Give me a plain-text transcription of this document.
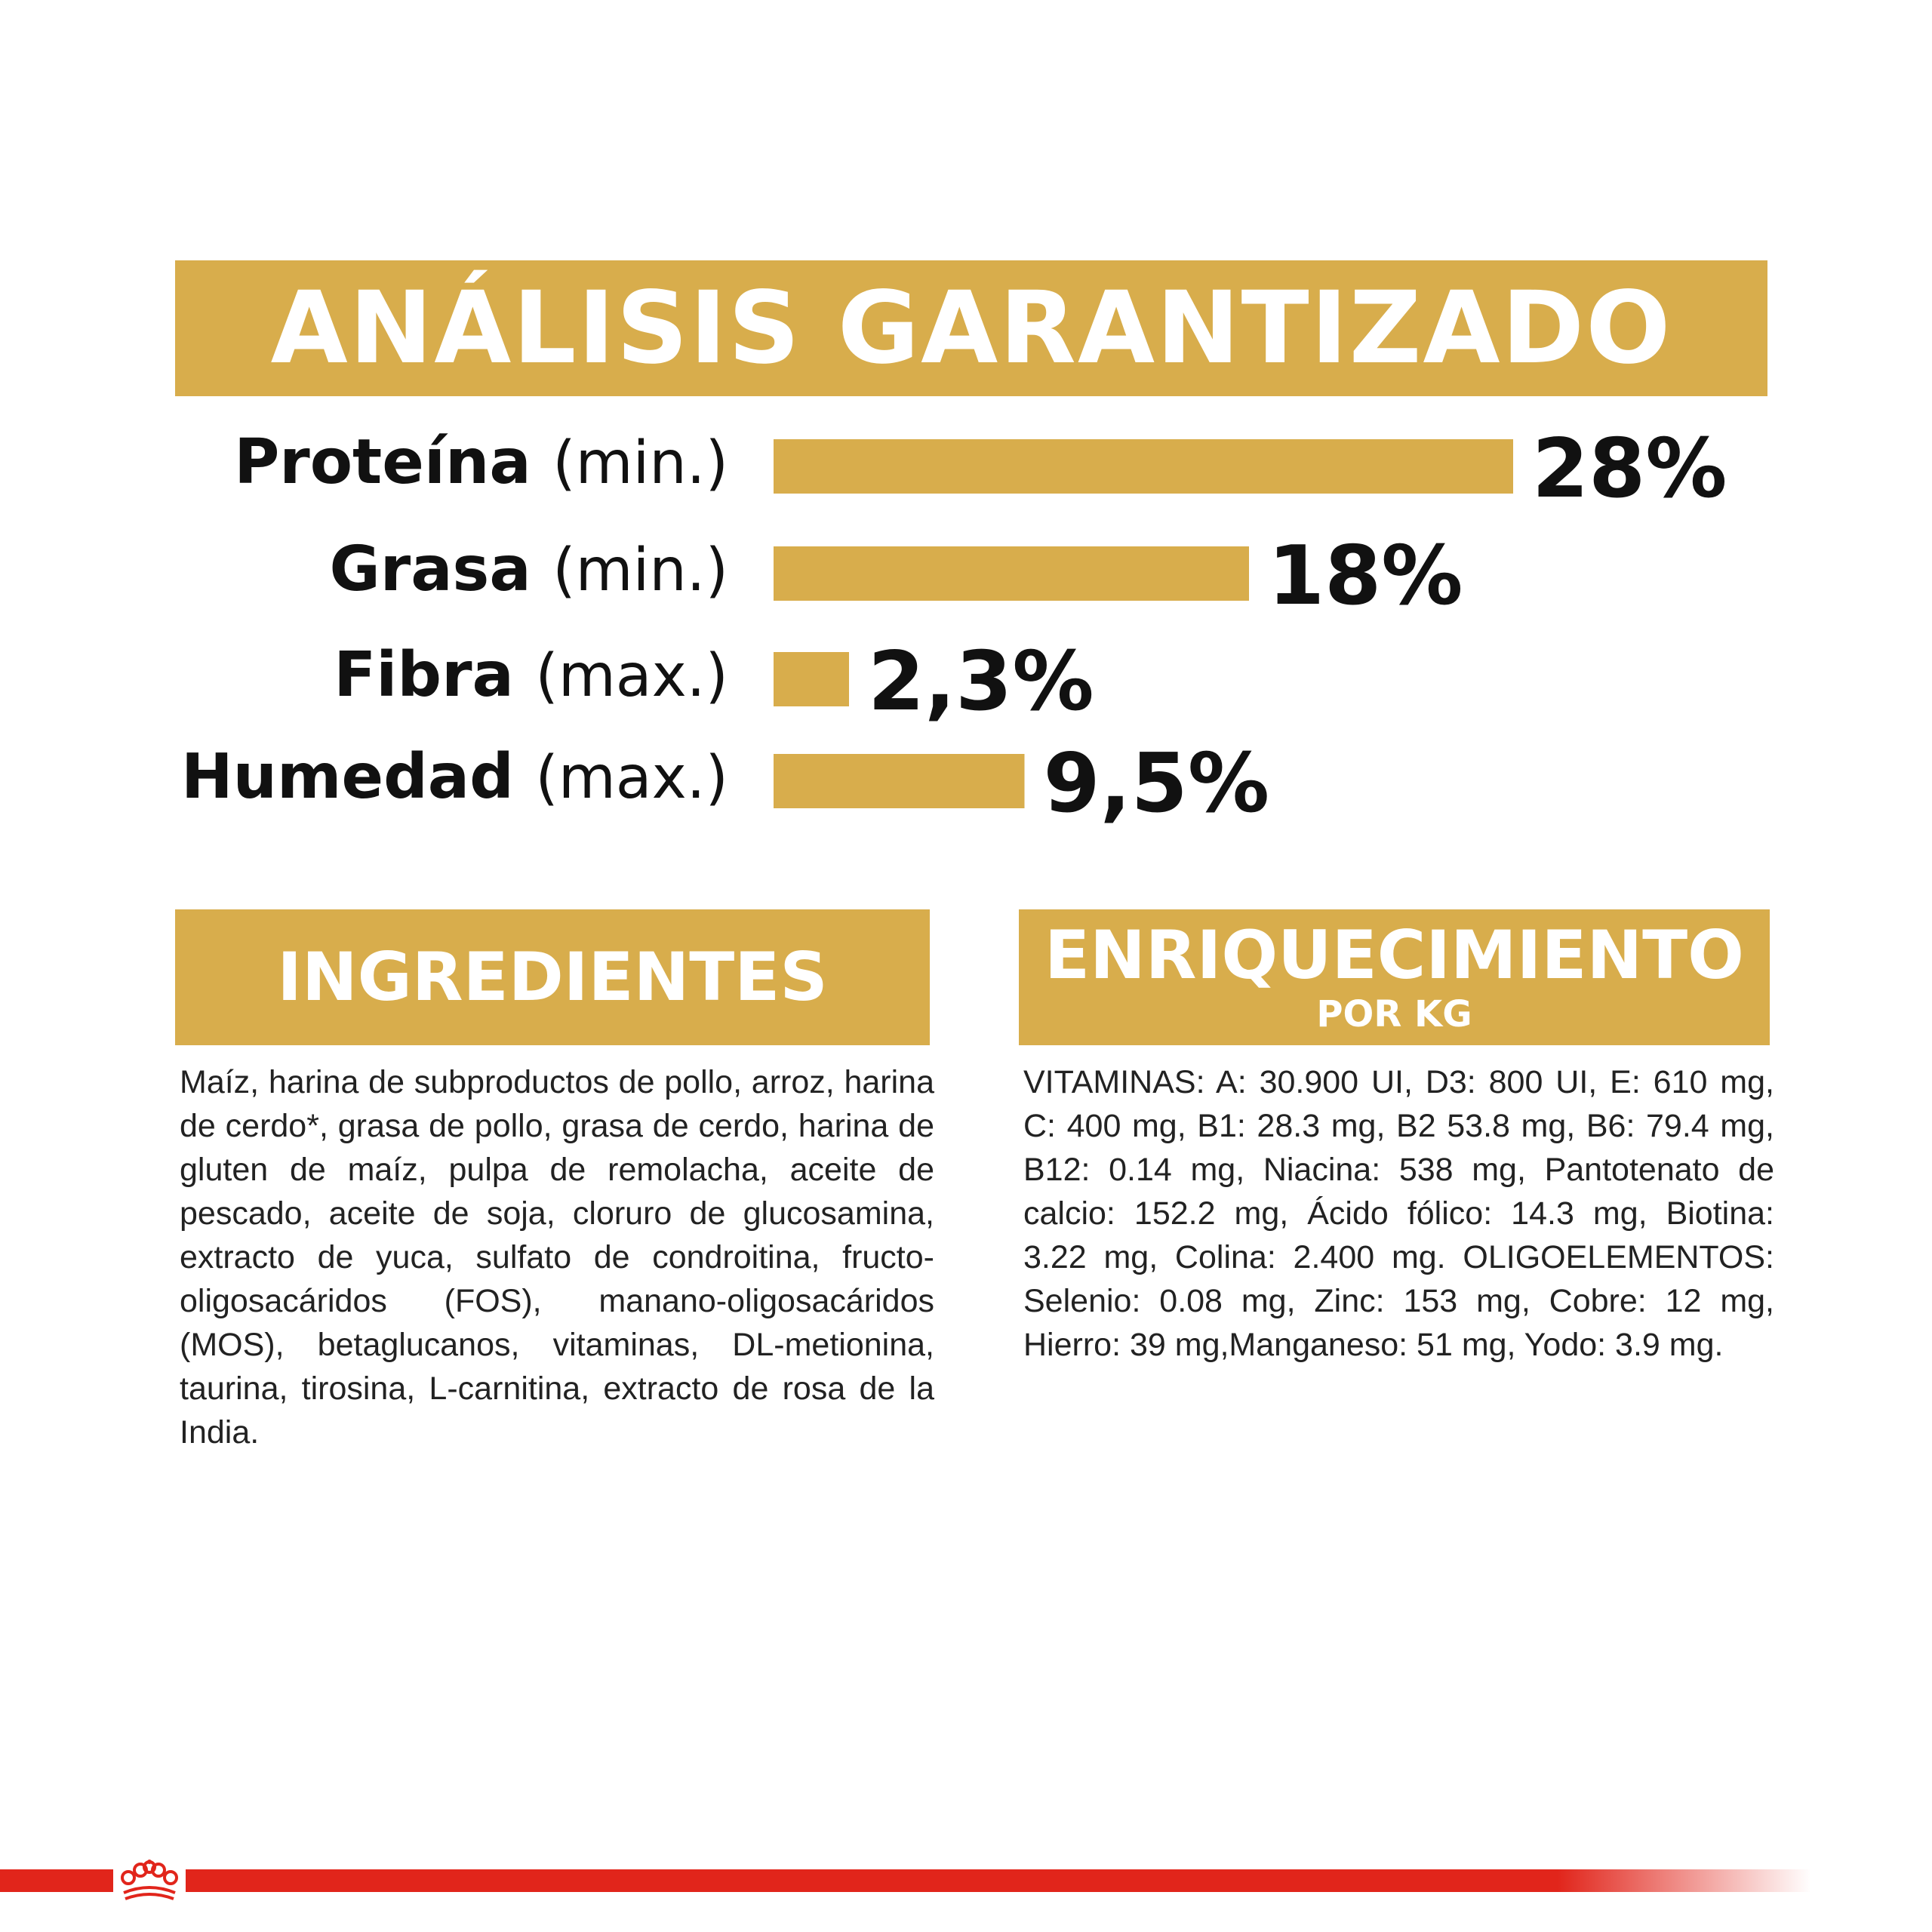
ANÁLISIS GARANTIZADO
Proteína (min.)	28%
Grasa (min.)	18%
Fibra (max.) 2,3%
Humedad (max.)	9,5%
INGREDIENTES

Maíz, harina de subproductos de pollo, arroz, harina de cerdo*, grasa de pollo, grasa de cerdo, harina de gluten de maíz, pulpa de remolacha, aceite de pescado, aceite de soja, cloruro de glucosamina, extracto de yuca, sulfato de condroitina, fructo-oligosacáridos (FOS), manano-oligosacáridos (MOS), betaglucanos, vitaminas, DL-metionina, taurina, tirosina, L-carnitina, extracto de rosa de la India.

ENRIQUECIMIENTO
POR KG

VITAMINAS: A: 30.900 UI, D3: 800 UI, E: 610 mg, C: 400 mg, B1: 28.3 mg, B2 53.8 mg, B6: 79.4 mg, B12: 0.14 mg, Niacina: 538 mg, Pantotenato de calcio: 152.2 mg, Ácido fólico: 14.3 mg, Biotina: 3.22 mg, Colina: 2.400 mg. OLIGOELEMENTOS: Selenio: 0.08 mg, Zinc: 153 mg, Cobre: 12 mg, Hierro: 39 mg,Manganeso: 51 mg, Yodo: 3.9 mg.
